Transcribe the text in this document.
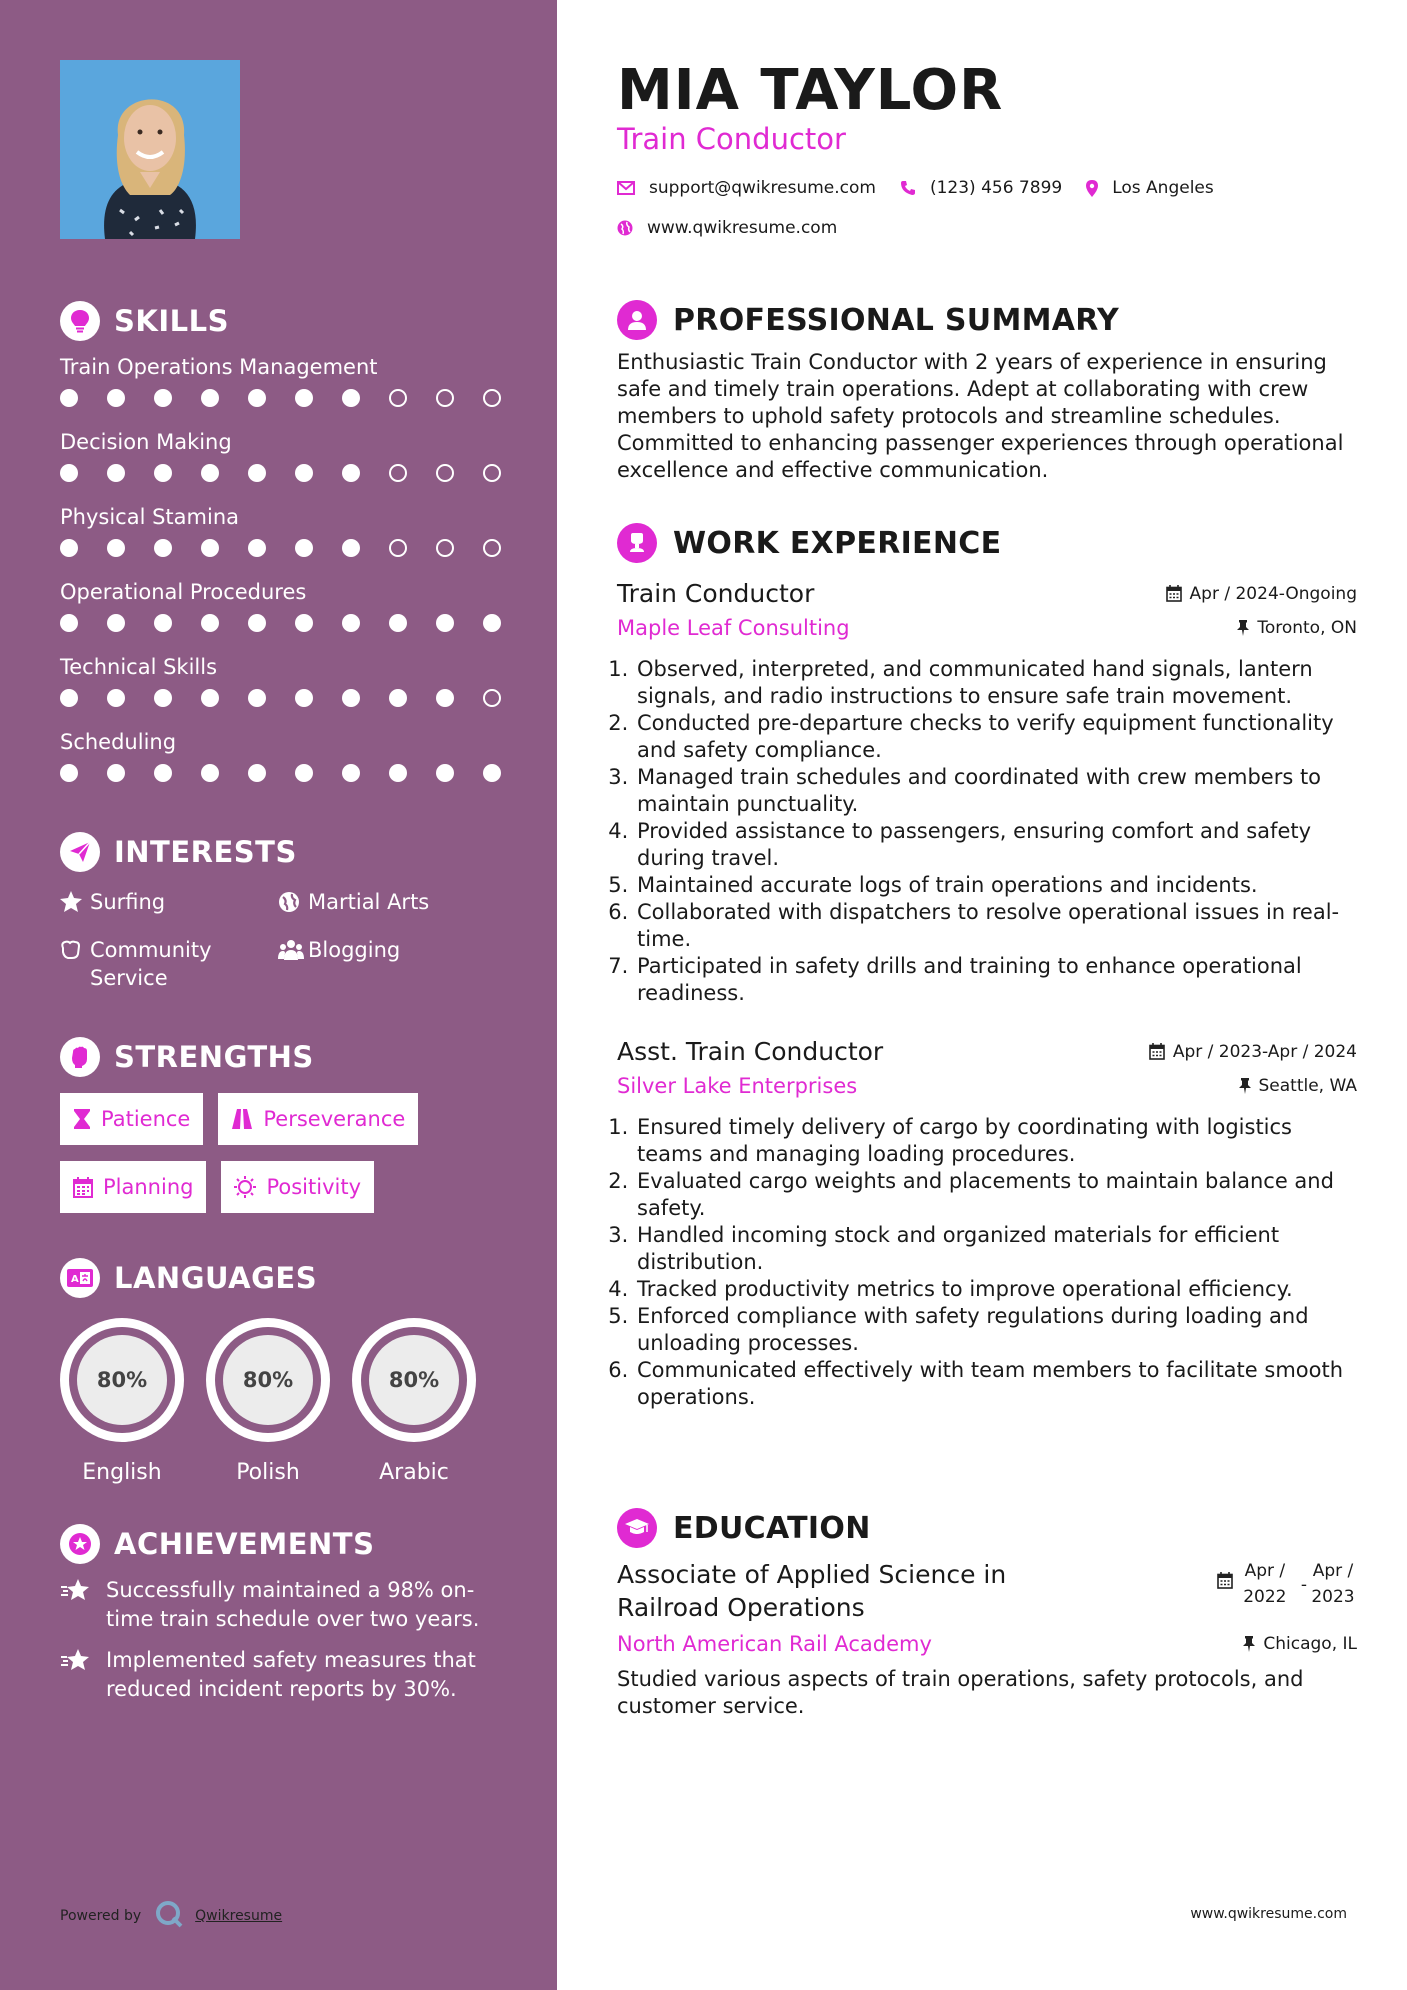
SKILLS
Train Operations Management
Decision Making
Physical Stamina
Operational Procedures
Technical Skills
Scheduling
INTERESTS
Surfing	Martial Arts
Community Service
Blogging
STRENGTHS
Patience	Perseverance
Planning	Positivity
A LANGUAGES
80%
English
80%
Polish
80%
Arabic
ACHIEVEMENTS
Successfully maintained a 98% on-time train schedule over two years.
Implemented safety measures that reduced incident reports by 30%.
Powered by	Qwikresume
MIA TAYLOR
Train Conductor
support@qwikresume.com	(123) 456 7899	Los Angeles
www.qwikresume.com
PROFESSIONAL SUMMARY
Enthusiastic Train Conductor with 2 years of experience in ensuring safe and timely train operations. Adept at collaborating with crew members to uphold safety protocols and streamline schedules. Committed to enhancing passenger experiences through operational excellence and effective communication.
WORK EXPERIENCE
Train Conductor	Apr / 2024-Ongoing
Maple Leaf Consulting	Toronto, ON
1. Observed, interpreted, and communicated hand signals, lantern signals, and radio instructions to ensure safe train movement.
2. Conducted pre-departure checks to verify equipment functionality and safety compliance.
3. Managed train schedules and coordinated with crew members to maintain punctuality.
4. Provided assistance to passengers, ensuring comfort and safety during travel.
5. Maintained accurate logs of train operations and incidents.
6. Collaborated with dispatchers to resolve operational issues in real-time.
7. Participated in safety drills and training to enhance operational readiness.
Asst. Train Conductor	Apr / 2023-Apr / 2024
Silver Lake Enterprises	Seattle, WA
1. Ensured timely delivery of cargo by coordinating with logistics teams and managing loading procedures.
2. Evaluated cargo weights and placements to maintain balance and safety.
3. Handled incoming stock and organized materials for efficient distribution.
4. Tracked productivity metrics to improve operational efficiency.
5. Enforced compliance with safety regulations during loading and unloading processes.
6. Communicated effectively with team members to facilitate smooth operations.
EDUCATION
Associate of Applied Science in Railroad Operations
Apr /
2022
-
Apr /
2023
North American Rail Academy	Chicago, IL
Studied various aspects of train operations, safety protocols, and customer service.
www.qwikresume.com
